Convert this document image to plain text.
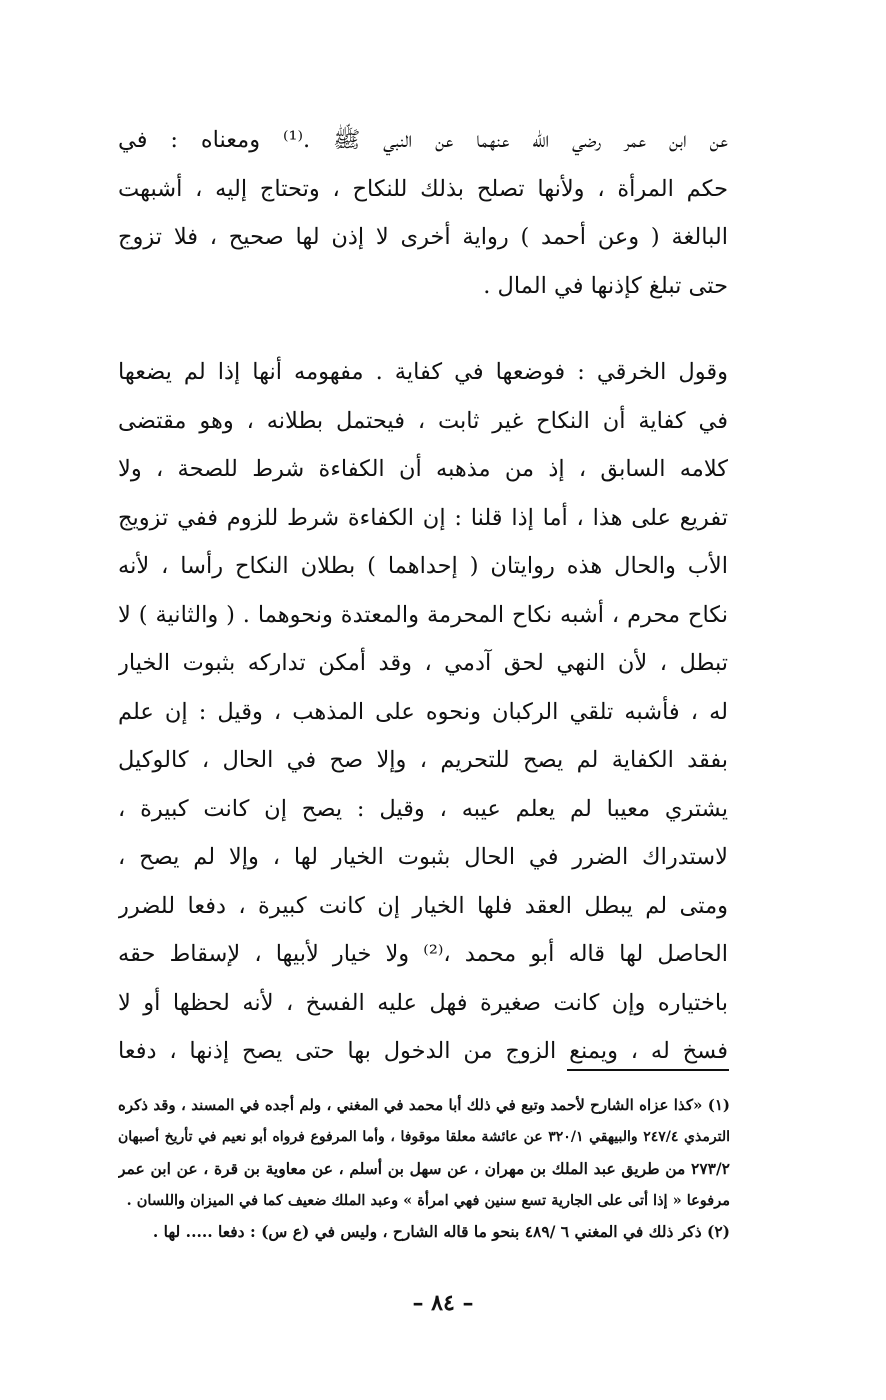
عن ابن عمر رضي الله عنهما عن النبي ﷺ .⁽¹⁾ ومعناه : في
حكم المرأة ، ولأنها تصلح بذلك للنكاح ، وتحتاج إليه ، أشبهت
البالغة ( وعن أحمد ) رواية أخرى لا إذن لها صحيح ، فلا تزوج
حتى تبلغ كإذنها في المال .
وقول الخرقي : فوضعها في كفاية . مفهومه أنها إذا لم يضعها
في كفاية أن النكاح غير ثابت ، فيحتمل بطلانه ، وهو مقتضى
كلامه السابق ، إذ من مذهبه أن الكفاءة شرط للصحة ، ولا
تفريع على هذا ، أما إذا قلنا : إن الكفاءة شرط للزوم ففي تزويج
الأب والحال هذه روايتان ( إحداهما ) بطلان النكاح رأسا ، لأنه
نكاح محرم ، أشبه نكاح المحرمة والمعتدة ونحوهما . ( والثانية ) لا
تبطل ، لأن النهي لحق آدمي ، وقد أمكن تداركه بثبوت الخيار
له ، فأشبه تلقي الركبان ونحوه على المذهب ، وقيل : إن علم
بفقد الكفاية لم يصح للتحريم ، وإلا صح في الحال ، كالوكيل
يشتري معيبا لم يعلم عيبه ، وقيل : يصح إن كانت كبيرة ،
لاستدراك الضرر في الحال بثبوت الخيار لها ، وإلا لم يصح ،
ومتى لم يبطل العقد فلها الخيار إن كانت كبيرة ، دفعا للضرر
الحاصل لها قاله أبو محمد ،⁽²⁾ ولا خيار لأبيها ، لإسقاط حقه
باختياره وإن كانت صغيرة فهل عليه الفسخ ، لأنه لحظها أو لا
فسخ له ، ويمنع الزوج من الدخول بها حتى يصح إذنها ، دفعا
(١) «كذا عزاه الشارح لأحمد وتبع في ذلك أبا محمد في المغني ، ولم أجده في المسند ، وقد ذكره
الترمذي ٢٤٧/٤ والبيهقي ٣٢٠/١ عن عائشة معلقا موقوفا ، وأما المرفوع فرواه أبو نعيم في تأريخ أصبهان
٢٧٣/٢ من طريق عبد الملك بن مهران ، عن سهل بن أسلم ، عن معاوية بن قرة ، عن ابن عمر
مرفوعا « إذا أتى على الجارية تسع سنين فهي امرأة » وعبد الملك ضعيف كما في الميزان واللسان .
(٢) ذكر ذلك في المغني ٦ /٤٨٩ بنحو ما قاله الشارح ، وليس في (ع س) : دفعا ..... لها .
– ٨٤ –
